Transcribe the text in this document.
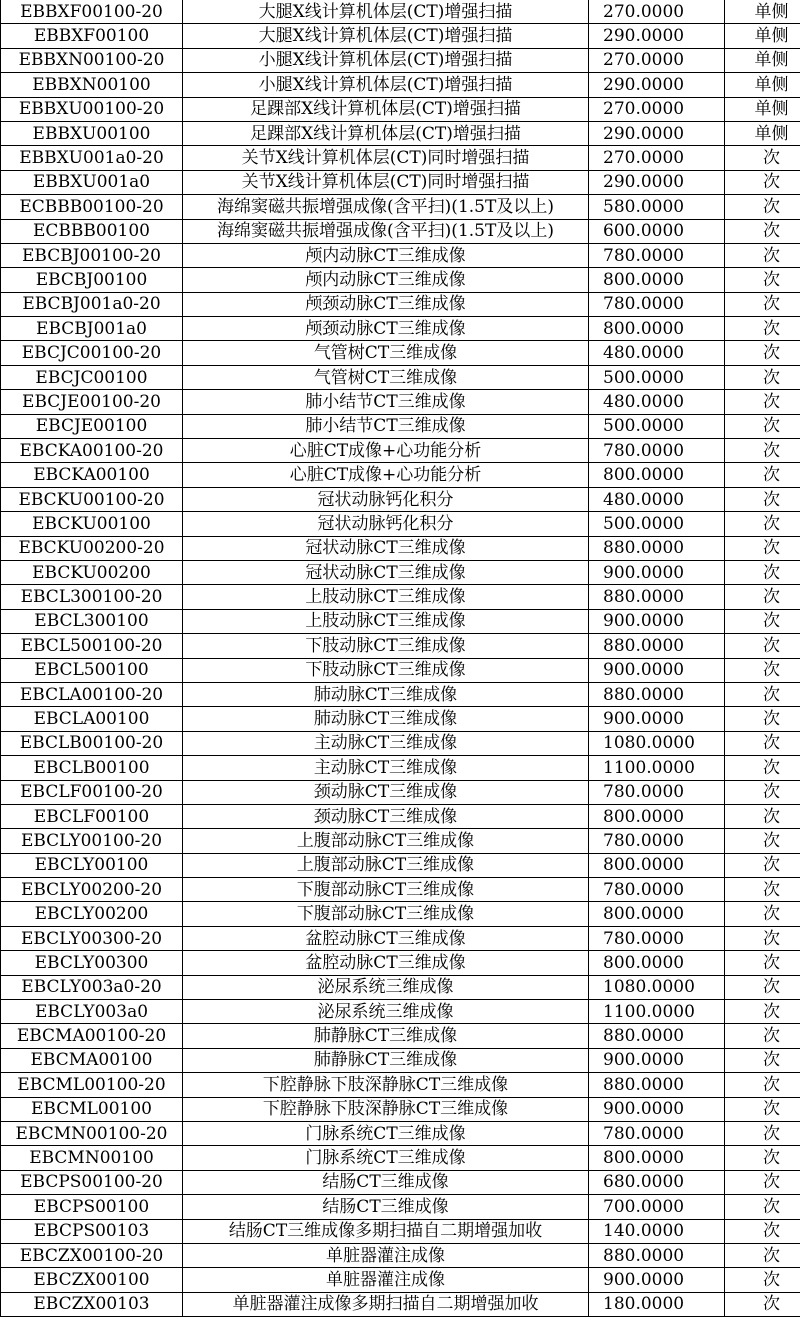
EBBXF00100-20	大腿X线计算机体层(CT)增强扫描	270.0000	单侧
EBBXF00100	大腿X线计算机体层(CT)增强扫描	290.0000	单侧
EBBXN00100-20	小腿X线计算机体层(CT)增强扫描	270.0000	单侧
EBBXN00100	小腿X线计算机体层(CT)增强扫描	290.0000	单侧
EBBXU00100-20	足踝部X线计算机体层(CT)增强扫描	270.0000	单侧
EBBXU00100	足踝部X线计算机体层(CT)增强扫描	290.0000	单侧
EBBXU001a0-20	关节X线计算机体层(CT)同时增强扫描	270.0000	次
EBBXU001a0	关节X线计算机体层(CT)同时增强扫描	290.0000	次
ECBBB00100-20	海绵窦磁共振增强成像(含平扫)(1.5T及以上)	580.0000	次
ECBBB00100	海绵窦磁共振增强成像(含平扫)(1.5T及以上)	600.0000	次
EBCBJ00100-20	颅内动脉CT三维成像	780.0000	次
EBCBJ00100	颅内动脉CT三维成像	800.0000	次
EBCBJ001a0-20	颅颈动脉CT三维成像	780.0000	次
EBCBJ001a0	颅颈动脉CT三维成像	800.0000	次
EBCJC00100-20	气管树CT三维成像	480.0000	次
EBCJC00100	气管树CT三维成像	500.0000	次
EBCJE00100-20	肺小结节CT三维成像	480.0000	次
EBCJE00100	肺小结节CT三维成像	500.0000	次
EBCKA00100-20	心脏CT成像+心功能分析	780.0000	次
EBCKA00100	心脏CT成像+心功能分析	800.0000	次
EBCKU00100-20	冠状动脉钙化积分	480.0000	次
EBCKU00100	冠状动脉钙化积分	500.0000	次
EBCKU00200-20	冠状动脉CT三维成像	880.0000	次
EBCKU00200	冠状动脉CT三维成像	900.0000	次
EBCL300100-20	上肢动脉CT三维成像	880.0000	次
EBCL300100	上肢动脉CT三维成像	900.0000	次
EBCL500100-20	下肢动脉CT三维成像	880.0000	次
EBCL500100	下肢动脉CT三维成像	900.0000	次
EBCLA00100-20	肺动脉CT三维成像	880.0000	次
EBCLA00100	肺动脉CT三维成像	900.0000	次
EBCLB00100-20	主动脉CT三维成像	1080.0000	次
EBCLB00100	主动脉CT三维成像	1100.0000	次
EBCLF00100-20	颈动脉CT三维成像	780.0000	次
EBCLF00100	颈动脉CT三维成像	800.0000	次
EBCLY00100-20	上腹部动脉CT三维成像	780.0000	次
EBCLY00100	上腹部动脉CT三维成像	800.0000	次
EBCLY00200-20	下腹部动脉CT三维成像	780.0000	次
EBCLY00200	下腹部动脉CT三维成像	800.0000	次
EBCLY00300-20	盆腔动脉CT三维成像	780.0000	次
EBCLY00300	盆腔动脉CT三维成像	800.0000	次
EBCLY003a0-20	泌尿系统三维成像	1080.0000	次
EBCLY003a0	泌尿系统三维成像	1100.0000	次
EBCMA00100-20	肺静脉CT三维成像	880.0000	次
EBCMA00100	肺静脉CT三维成像	900.0000	次
EBCML00100-20	下腔静脉下肢深静脉CT三维成像	880.0000	次
EBCML00100	下腔静脉下肢深静脉CT三维成像	900.0000	次
EBCMN00100-20	门脉系统CT三维成像	780.0000	次
EBCMN00100	门脉系统CT三维成像	800.0000	次
EBCPS00100-20	结肠CT三维成像	680.0000	次
EBCPS00100	结肠CT三维成像	700.0000	次
EBCPS00103	结肠CT三维成像多期扫描自二期增强加收	140.0000	次
EBCZX00100-20	单脏器灌注成像	880.0000	次
EBCZX00100	单脏器灌注成像	900.0000	次
EBCZX00103	单脏器灌注成像多期扫描自二期增强加收	180.0000	次
